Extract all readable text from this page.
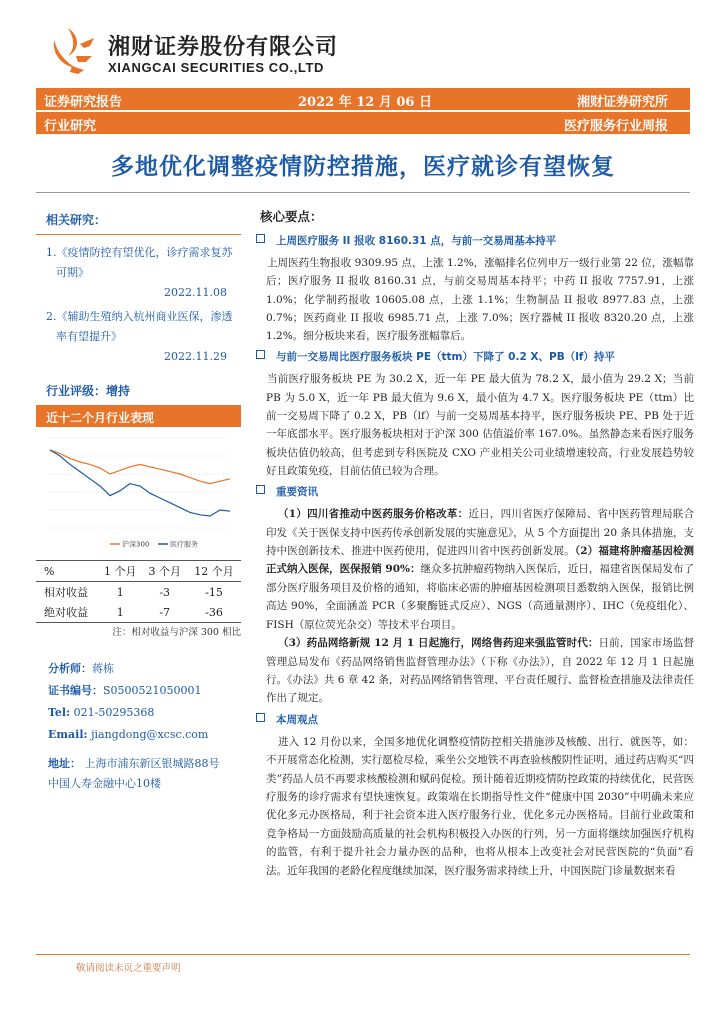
湘财证券股份有限公司
XIANGCAI SECURITIES CO.,LTD
证券研究报告	2022 年 12 月 06 日	湘财证券研究所
行业研究	医疗服务行业周报
多地优化调整疫情防控措施，医疗就诊有望恢复
相关研究：
1.《疫情防控有望优化，诊疗需求复苏可期》
2022.11.08
2.《辅助生殖纳入杭州商业医保，渗透率有望提升》
2022.11.29
行业评级：增持
近十二个月行业表现
沪深300	医疗服务
%	1 个月	3 个月	12 个月
相对收益	1	-3	-15
绝对收益	1	-7	-36
注：相对收益与沪深 300 相比
分析师：蒋栋
证书编号：S0500521050001
Tel: 021-50295368
Email: jiangdong@xcsc.com
地址： 上海市浦东新区银城路88号
中国人寿金融中心10楼
核心要点：
上周医疗服务 II 报收 8160.31 点，与前一交易周基本持平
上周医药生物报收 9309.95 点，上涨 1.2%，涨幅排名位列申万一级行业第 22 位，涨幅靠后；医疗服务 II 报收 8160.31 点，与前交易周基本持平；中药 II 报收 7757.91，上涨 1.0%；化学制药报收 10605.08 点，上涨 1.1%；生物制品 II 报收 8977.83 点，上涨 0.7%；医药商业 II 报收 6985.71 点，上涨 7.0%；医疗器械 II 报收 8320.20 点，上涨 1.2%。细分板块来看，医疗服务涨幅靠后。
与前一交易周比医疗服务板块 PE（ttm）下降了 0.2 X、PB（lf）持平
当前医疗服务板块 PE 为 30.2 X，近一年 PE 最大值为 78.2 X，最小值为 29.2 X；当前 PB 为 5.0 X，近一年 PB 最大值为 9.6 X，最小值为 4.7 X。医疗服务板块 PE（ttm）比前一交易周下降了 0.2 X，PB（lf）与前一交易周基本持平，医疗服务板块 PE、PB 处于近一年底部水平。医疗服务板块相对于沪深 300 估值溢价率 167.0%。虽然静态来看医疗服务板块估值仍较高，但考虑到专科医院及 CXO 产业相关公司业绩增速较高，行业发展趋势较好且政策免疫，目前估值已较为合理。
重要资讯
（1）四川省推动中医药服务价格改革：近日，四川省医疗保障局、省中医药管理局联合印发《关于医保支持中医药传承创新发展的实施意见》，从 5 个方面提出 20 条具体措施，支持中医创新技术、推进中医药使用，促进四川省中医药创新发展。（2）福建将肿瘤基因检测正式纳入医保，医保报销 90%：继众多抗肿瘤药物纳入医保后，近日，福建省医保局发布了部分医疗服务项目及价格的通知，将临床必需的肿瘤基因检测项目悉数纳入医保，报销比例高达 90%，全面涵盖 PCR（多聚酶链式反应）、NGS（高通量测序）、IHC（免疫组化）、FISH（原位荧光杂交）等技术平台项目。
（3）药品网络新规 12 月 1 日起施行，网络售药迎来强监管时代：日前，国家市场监督管理总局发布《药品网络销售监督管理办法》（下称《办法》），自 2022 年 12 月 1 日起施行。《办法》共 6 章 42 条，对药品网络销售管理、平台责任履行、监督检查措施及法律责任作出了规定。
本周观点
进入 12 月份以来，全国多地优化调整疫情防控相关措施涉及核酸、出行、就医等，如：不开展常态化检测，实行愿检尽检，乘坐公交地铁不再查验核酸阴性证明，通过药店购买“四类”药品人员不再要求核酸检测和赋码促检。预计随着近期疫情防控政策的持续优化，民营医疗服务的诊疗需求有望快速恢复。政策端在长期指导性文件“健康中国 2030”中明确未来应优化多元办医格局，利于社会资本进入医疗服务行业，优化多元办医格局。目前行业政策和竞争格局一方面鼓励高质量的社会机构积极投入办医的行列，另一方面将继续加强医疗机构的监管，有利于提升社会力量办医的品种，也将从根本上改变社会对民营医院的“负面”看法。近年我国的老龄化程度继续加深，医疗服务需求持续上升，中国医院门诊量数据来看
敬请阅读末页之重要声明
